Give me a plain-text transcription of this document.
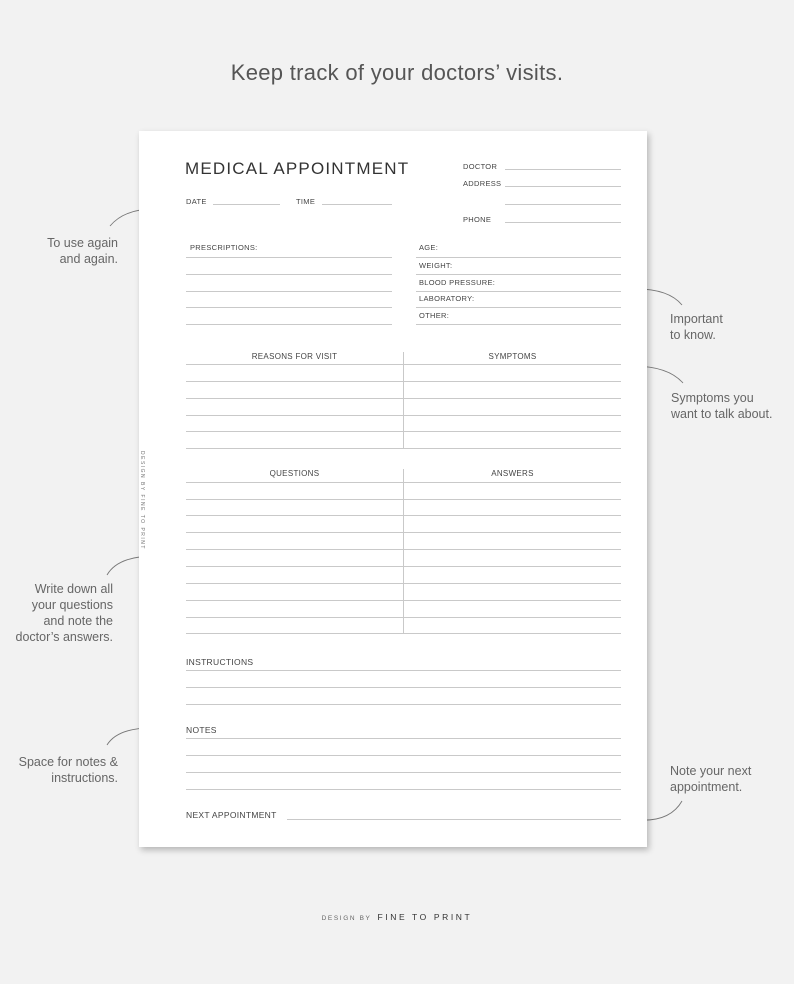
Keep track of your doctors’ visits.
To use again
and again.
Important
to know.
Symptoms you
want to talk about.
Write down all
your questions
and note the
doctor’s answers.
Space for notes &
instructions.	Note your next
appointment.
MEDICAL APPOINTMENT
DATE	TIME
DOCTOR
ADDRESS
PHONE
PRESCRIPTIONS:	AGE:
WEIGHT:
BLOOD PRESSURE:
LABORATORY:
OTHER:
REASONS FOR VISIT	SYMPTOMS
QUESTIONS	ANSWERS
INSTRUCTIONS
NOTES
NEXT APPOINTMENT
DESIGN BY FINE TO PRINT
DESIGN BY FINE TO PRINT
